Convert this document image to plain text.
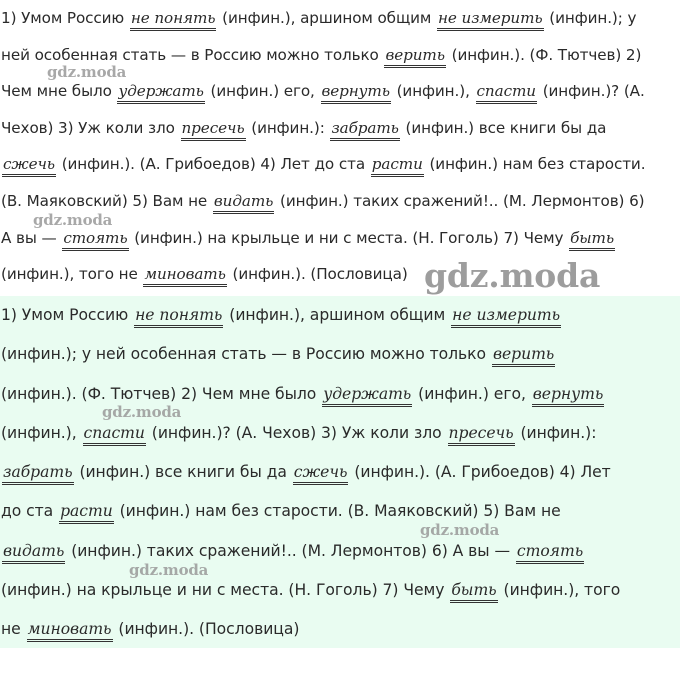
1) Умом Россию не понять (инфин.), аршином общим не измерить (инфин.); у
ней особенная стать — в Россию можно только верить (инфин.). (Ф. Тютчев) 2)
Чем мне было удержать (инфин.) его, вернуть (инфин.), спасти (инфин.)? (А.
Чехов) 3) Уж коли зло пресечь (инфин.): забрать (инфин.) все книги бы да
сжечь (инфин.). (А. Грибоедов) 4) Лет до ста расти (инфин.) нам без старости.
(В. Маяковский) 5) Вам не видать (инфин.) таких сражений!.. (М. Лермонтов) 6)
А вы — стоять (инфин.) на крыльце и ни с места. (Н. Гоголь) 7) Чему быть
(инфин.), того не миновать (инфин.). (Пословица)
1) Умом Россию не понять (инфин.), аршином общим не измерить
(инфин.); у ней особенная стать — в Россию можно только верить
(инфин.). (Ф. Тютчев) 2) Чем мне было удержать (инфин.) его, вернуть
(инфин.), спасти (инфин.)? (А. Чехов) 3) Уж коли зло пресечь (инфин.):
забрать (инфин.) все книги бы да сжечь (инфин.). (А. Грибоедов) 4) Лет
до ста расти (инфин.) нам без старости. (В. Маяковский) 5) Вам не
видать (инфин.) таких сражений!.. (М. Лермонтов) 6) А вы — стоять
(инфин.) на крыльце и ни с места. (Н. Гоголь) 7) Чему быть (инфин.), того
не миновать (инфин.). (Пословица)
gdz.moda
gdz.moda
gdz.moda
gdz.moda
gdz.moda
gdz.moda
